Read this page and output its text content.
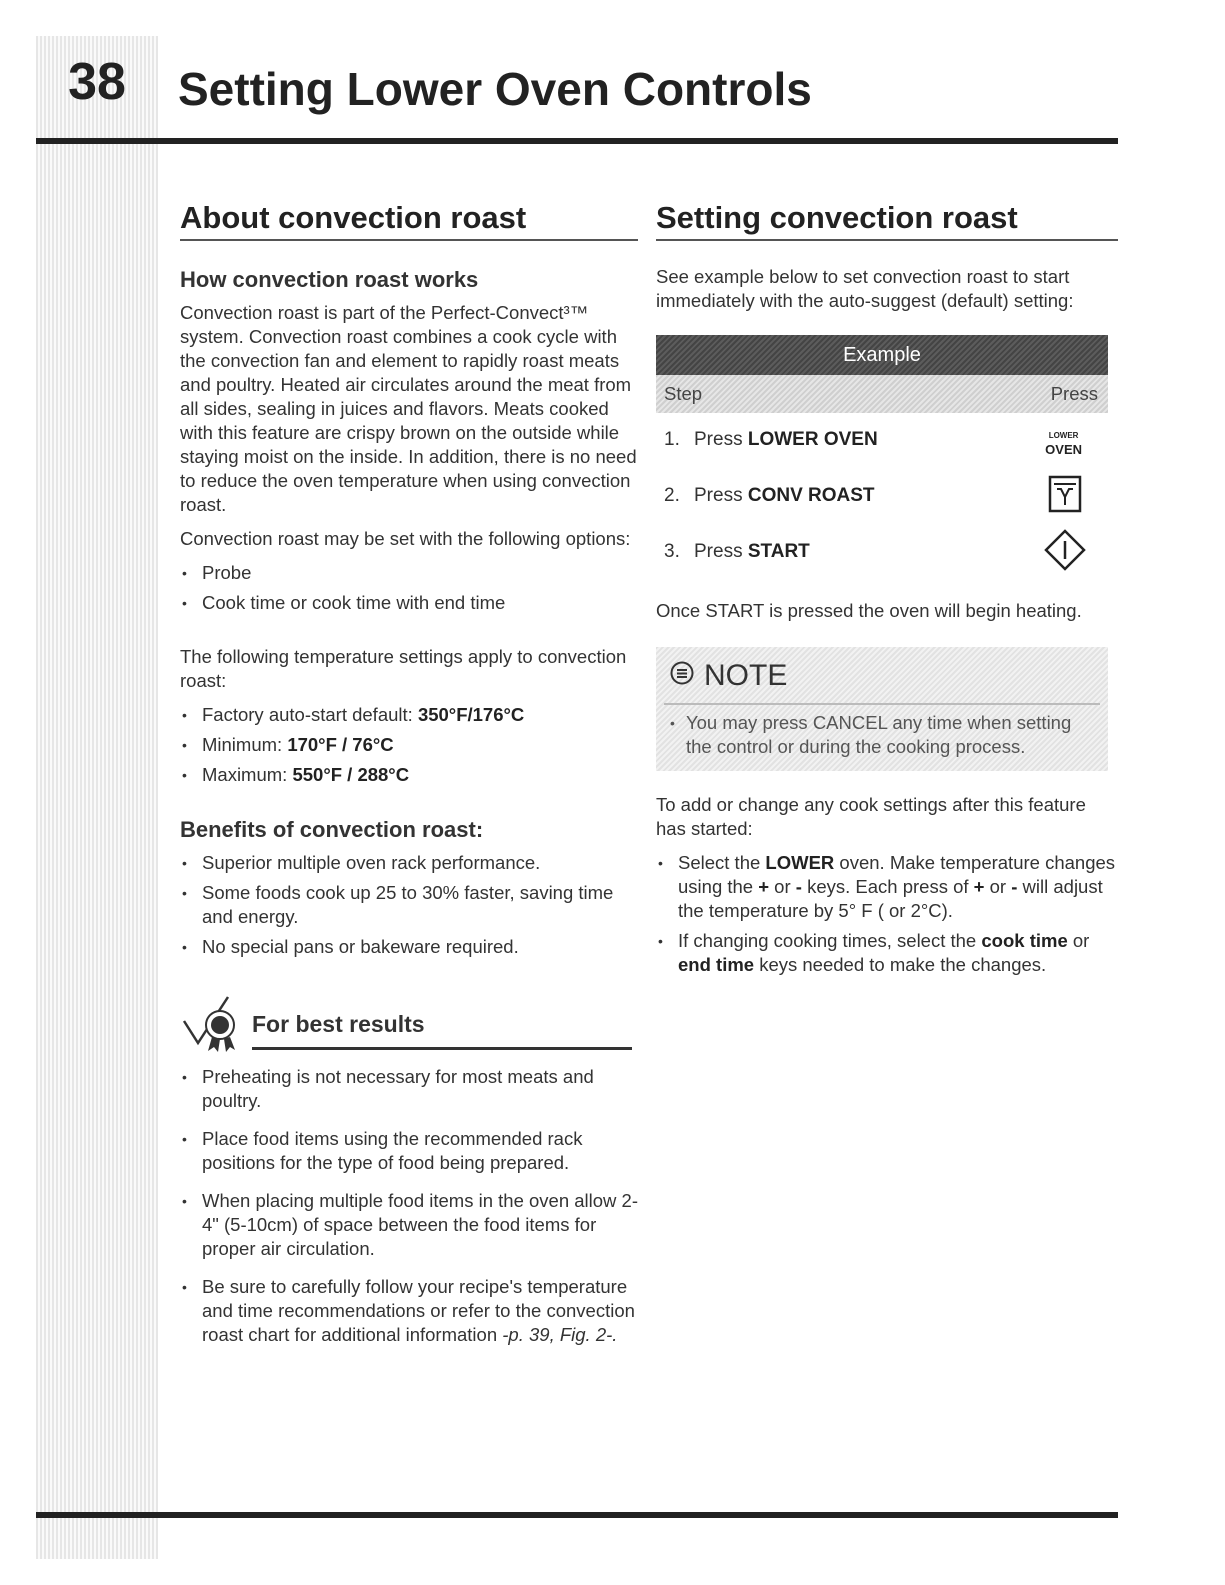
38	Setting Lower Oven Controls
About convection roast
How convection roast works

Convection roast is part of the Perfect-Convect³™ system. Convection roast combines a cook cycle with the convection fan and element to rapidly roast meats and poultry. Heated air circulates around the meat from all sides, sealing in juices and flavors. Meats cooked with this feature are crispy brown on the outside while staying moist on the inside. In addition, there is no need to reduce the oven temperature when using convection roast.

Convection roast may be set with the following options:

• Probe
• Cook time or cook time with end time

The following temperature settings apply to convection roast:

• Factory auto-start default: 350°F/176°C
• Minimum: 170°F / 76°C
• Maximum: 550°F / 288°C
Benefits of convection roast:
• Superior multiple oven rack performance.
• Some foods cook up 25 to 30% faster, saving time and energy.
• No special pans or bakeware required.
For best results
• Preheating is not necessary for most meats and poultry.
• Place food items using the recommended rack positions for the type of food being prepared.
• When placing multiple food items in the oven allow 2-4" (5-10cm) of space between the food items for proper air circulation.
• Be sure to carefully follow your recipe's temperature and time recommendations or refer to the convection roast chart for additional information -p. 39, Fig. 2-.
Setting convection roast

See example below to set convection roast to start immediately with the auto-suggest (default) setting:

Example
Step	Press
1. Press LOWER OVEN	LOWER
OVEN
2. Press CONV ROAST
3. Press START

Once START is pressed the oven will begin heating.

NOTE
• You may press CANCEL any time when setting the control or during the cooking process.

To add or change any cook settings after this feature has started:

• Select the LOWER oven. Make temperature changes using the + or - keys. Each press of + or - will adjust the temperature by 5° F ( or 2°C).
• If changing cooking times, select the cook time or end time keys needed to make the changes.
